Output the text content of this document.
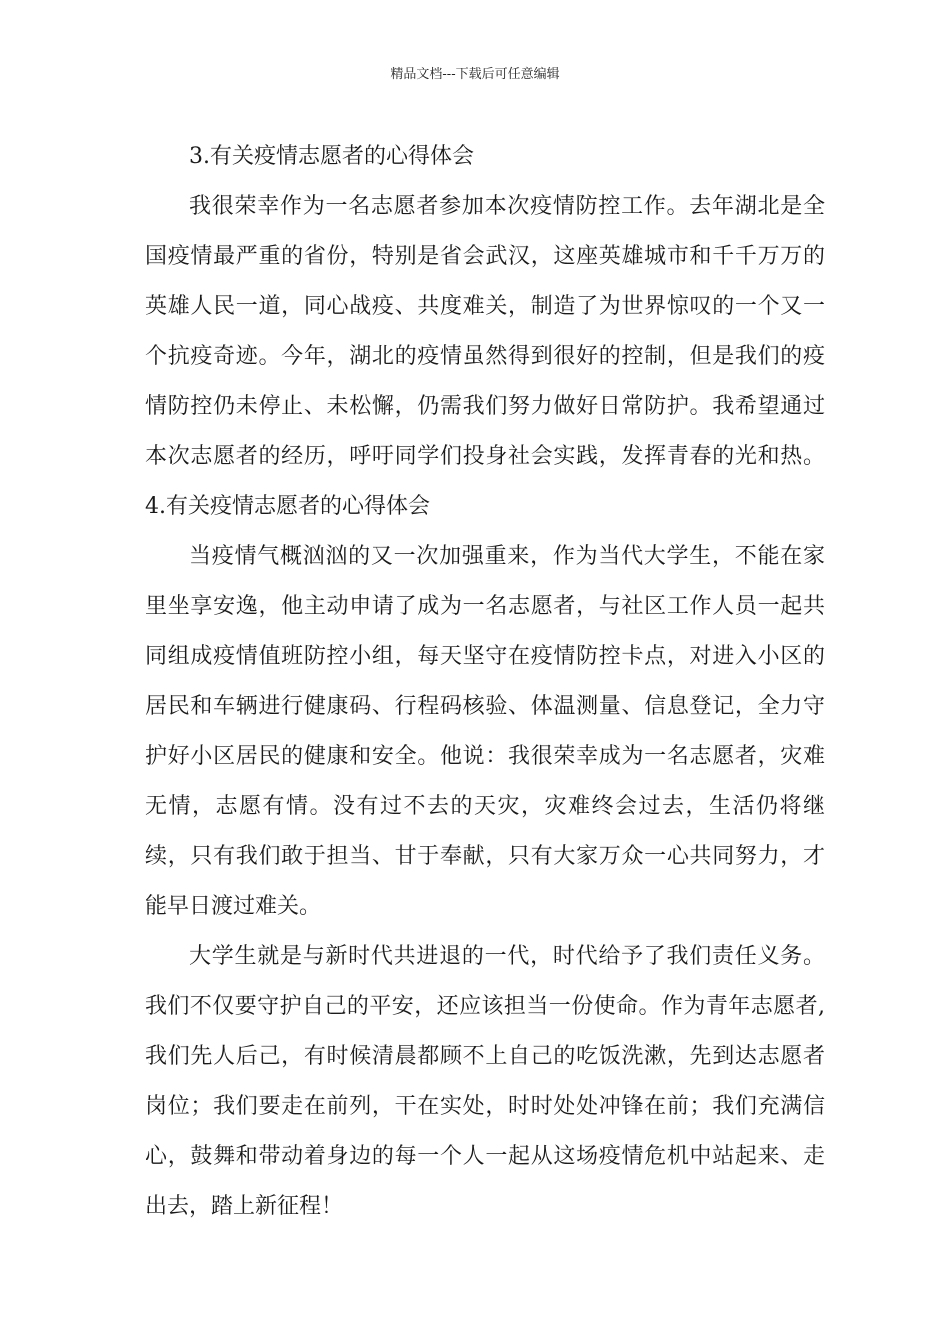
精品文档---下载后可任意编辑

3.有关疫情志愿者的心得体会

我很荣幸作为一名志愿者参加本次疫情防控工作。去年湖北是全国疫情最严重的省份，特别是省会武汉，这座英雄城市和千千万万的英雄人民一道，同心战疫、共度难关，制造了为世界惊叹的一个又一个抗疫奇迹。今年，湖北的疫情虽然得到很好的控制，但是我们的疫情防控仍未停止、未松懈，仍需我们努力做好日常防护。我希望通过本次志愿者的经历，呼吁同学们投身社会实践，发挥青春的光和热。4.有关疫情志愿者的心得体会

当疫情气概汹汹的又一次加强重来，作为当代大学生，不能在家里坐享安逸，他主动申请了成为一名志愿者，与社区工作人员一起共同组成疫情值班防控小组，每天坚守在疫情防控卡点，对进入小区的居民和车辆进行健康码、行程码核验、体温测量、信息登记，全力守护好小区居民的健康和安全。他说：我很荣幸成为一名志愿者，灾难无情，志愿有情。没有过不去的天灾，灾难终会过去，生活仍将继续，只有我们敢于担当、甘于奉献，只有大家万众一心共同努力，才能早日渡过难关。

大学生就是与新时代共进退的一代，时代给予了我们责任义务。我们不仅要守护自己的平安，还应该担当一份使命。作为青年志愿者,我们先人后己，有时候清晨都顾不上自己的吃饭洗漱，先到达志愿者岗位；我们要走在前列，干在实处，时时处处冲锋在前；我们充满信心，鼓舞和带动着身边的每一个人一起从这场疫情危机中站起来、走出去，踏上新征程！
